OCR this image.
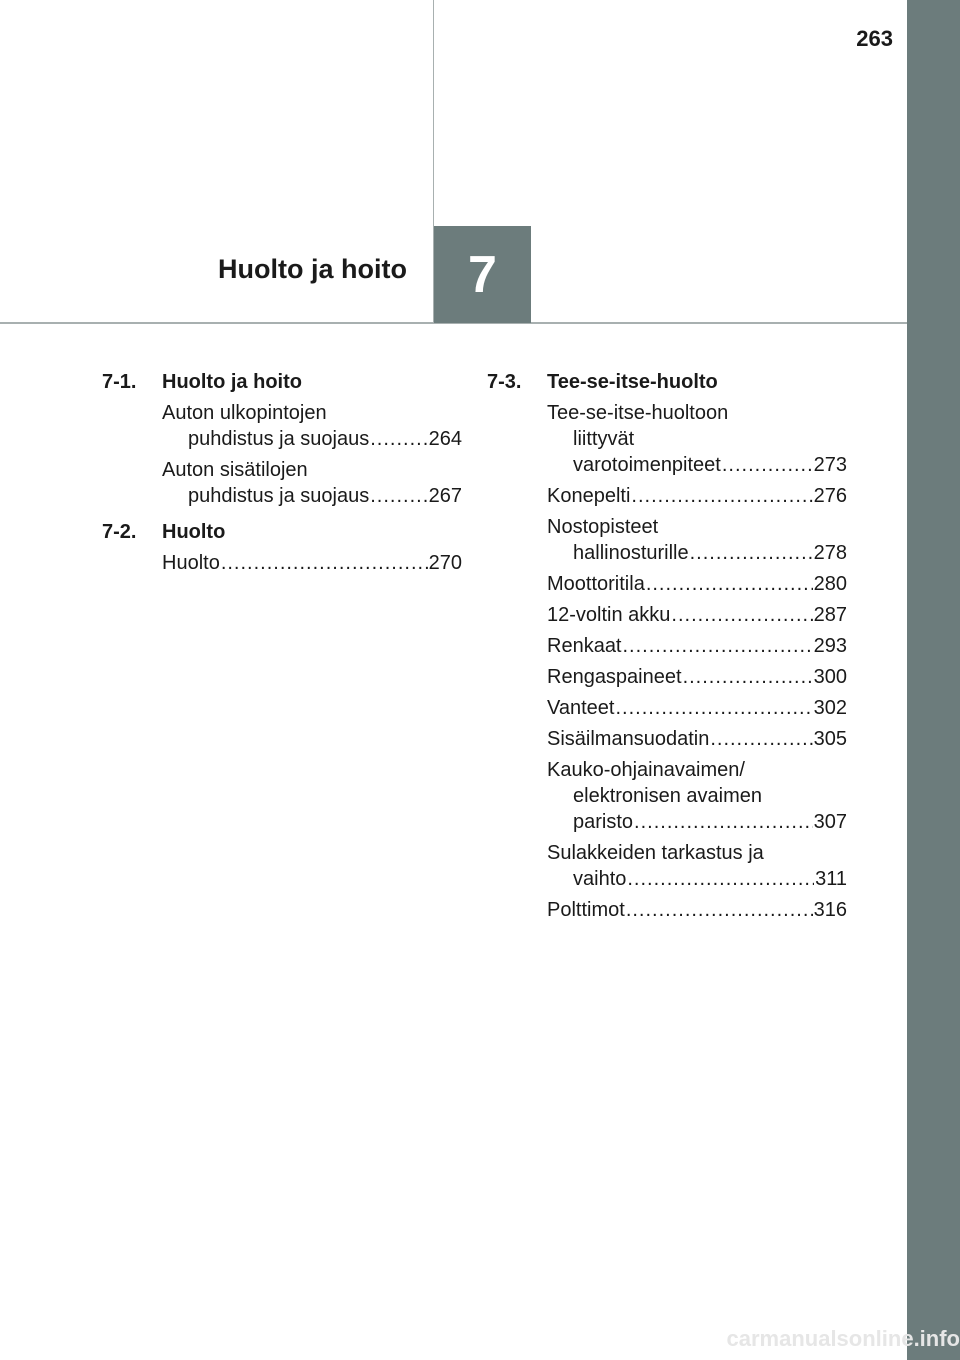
263
Huolto ja hoito 7
7-1.	Huolto ja hoito
Auton ulkopintojen
puhdistus ja suojaus .....	264
Auton sisätilojen
puhdistus ja suojaus .....	267
7-2.	Huolto
Huolto .....	270
7-3.	Tee-se-itse-huolto
Tee-se-itse-huoltoon
liittyvät
varotoimenpiteet .....	273
Konepelti .....	276
Nostopisteet
hallinosturille .....	278
Moottoritila .....	280
12-voltin akku .....	287
Renkaat .....	293
Rengaspaineet .....	300
Vanteet .....	302
Sisäilmansuodatin .....	305
Kauko-ohjainavaimen/
elektronisen avaimen
paristo .....	307
Sulakkeiden tarkastus ja
vaihto .....	311
Polttimot .....	316
carmanualsonline.info
